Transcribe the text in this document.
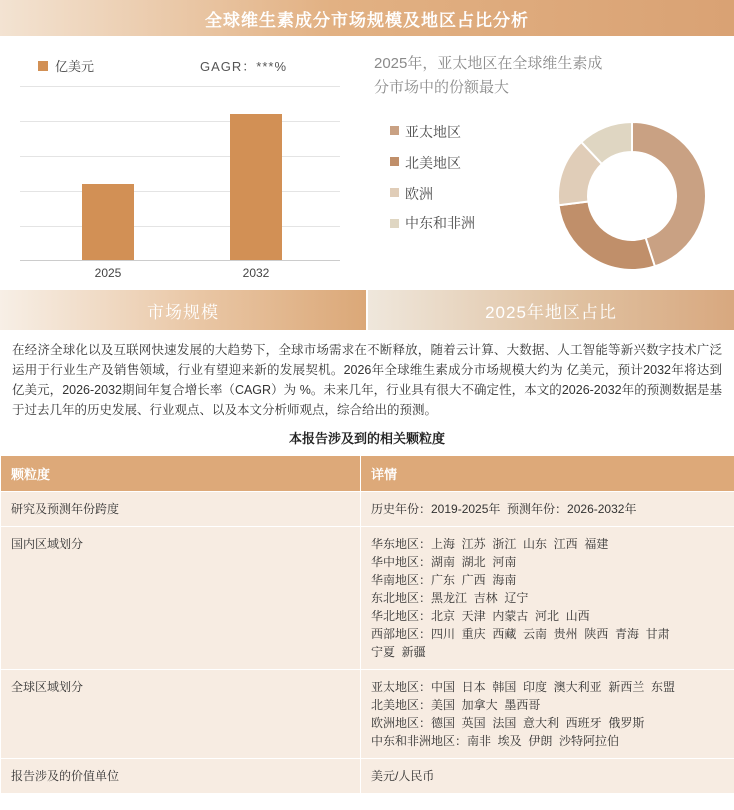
全球维生素成分市场规模及地区占比分析
亿美元	GAGR：***%
2025	2032
2025年，亚太地区在全球维生素成分市场中的份额最大
亚太地区
北美地区
欧洲
中东和非洲
市场规模	2025年地区占比
在经济全球化以及互联网快速发展的大趋势下，全球市场需求在不断释放，随着云计算、大数据、人工智能等新兴数字技术广泛运用于行业生产及销售领域，行业有望迎来新的发展契机。2026年全球维生素成分市场规模大约为 亿美元，预计2032年将达到 亿美元，2026-2032期间年复合增长率（CAGR）为 %。未来几年，行业具有很大不确定性，本文的2026-2032年的预测数据是基于过去几年的历史发展、行业观点、以及本文分析师观点，综合给出的预测。
本报告涉及到的相关颗粒度
颗粒度	详情
研究及预测年份跨度	历史年份：2019-2025年  预测年份：2026-2032年

国内区域划分	华东地区：上海  江苏  浙江  山东  江西  福建
华中地区：湖南  湖北  河南
华南地区：广东  广西  海南
东北地区：黑龙江  吉林  辽宁
华北地区：北京  天津  内蒙古  河北  山西
西部地区：四川  重庆  西藏  云南  贵州  陕西  青海  甘肃
宁夏  新疆

全球区域划分	亚太地区：中国  日本  韩国  印度  澳大利亚  新西兰  东盟
北美地区：美国  加拿大  墨西哥
欧洲地区：德国  英国  法国  意大利  西班牙  俄罗斯
中东和非洲地区：南非  埃及  伊朗  沙特阿拉伯

报告涉及的价值单位	美元/人民币
